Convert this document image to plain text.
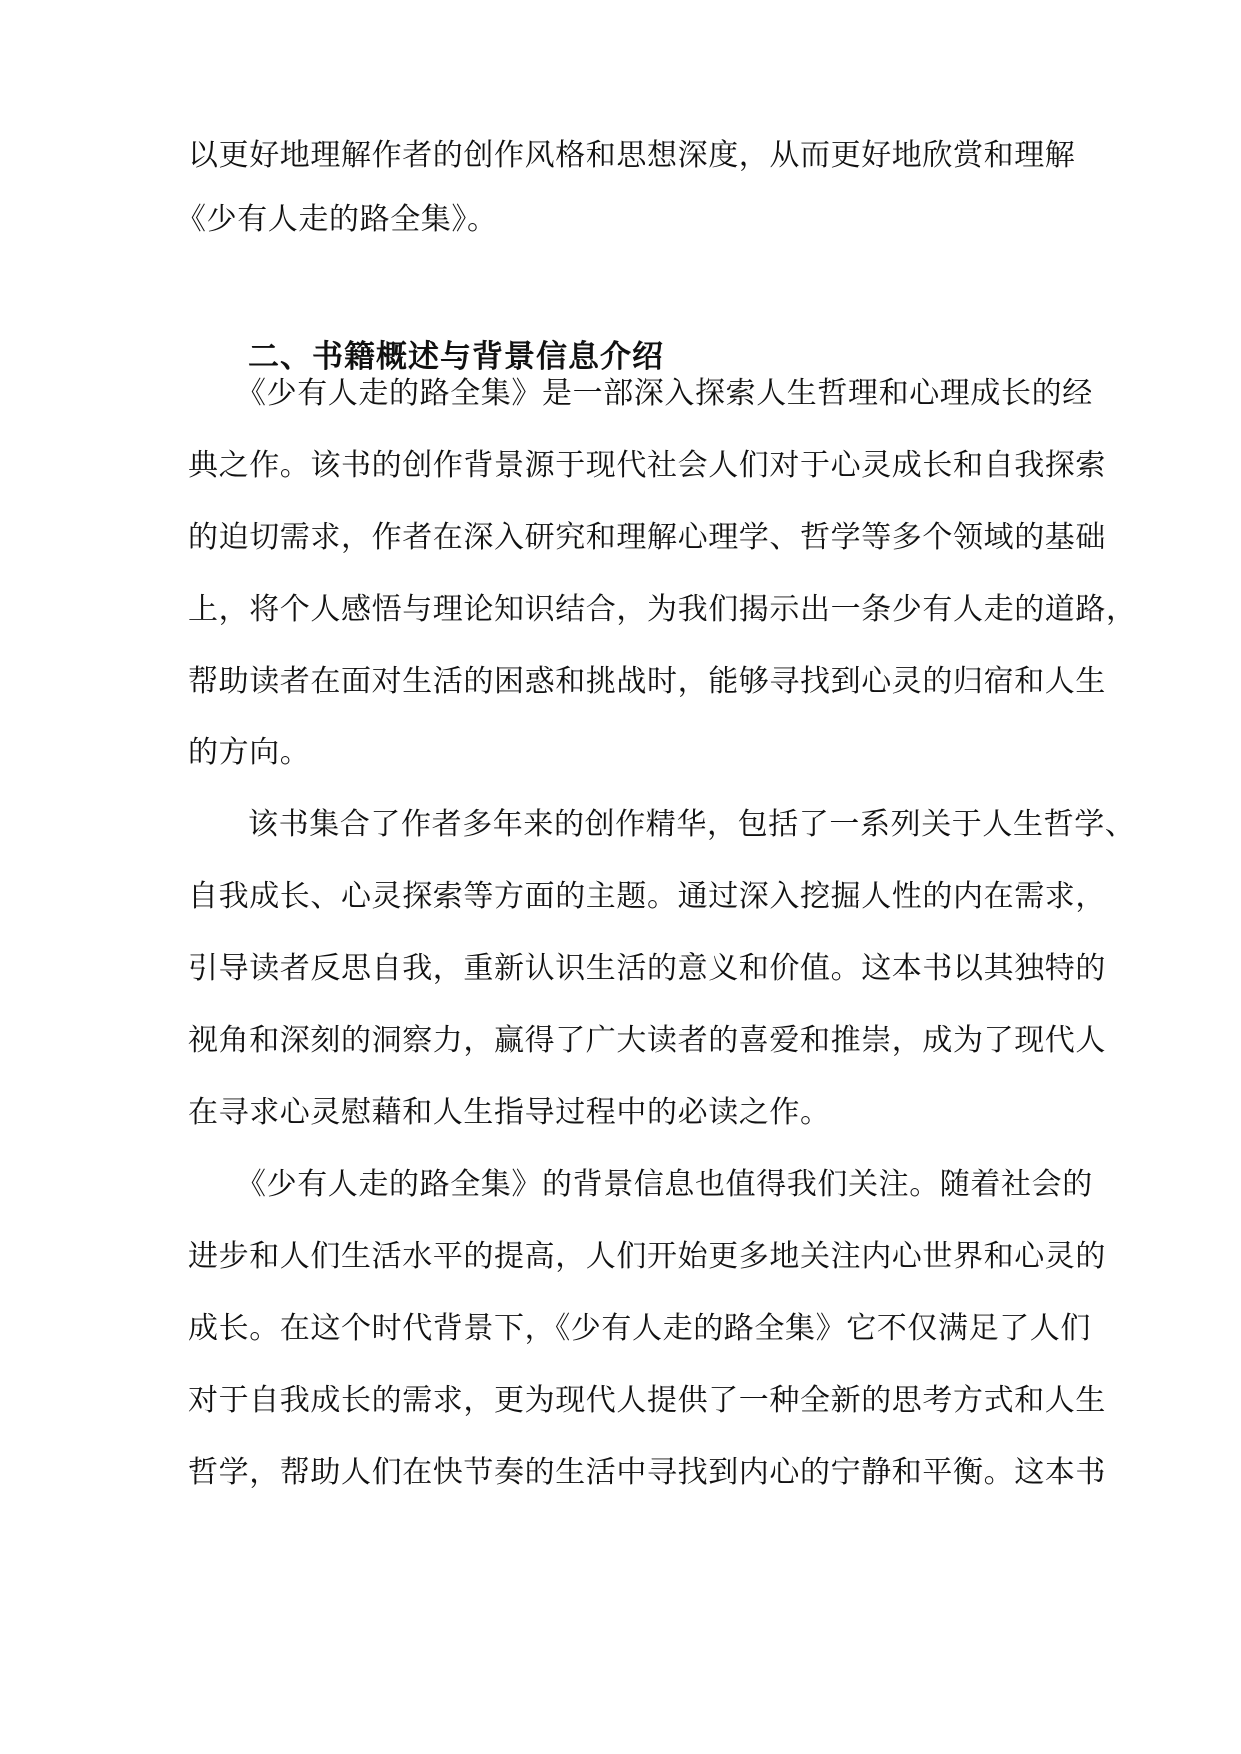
以更好地理解作者的创作风格和思想深度，从而更好地欣赏和理解
《少有人走的路全集》。
二、书籍概述与背景信息介绍
《少有人走的路全集》是一部深入探索人生哲理和心理成长的经
典之作。该书的创作背景源于现代社会人们对于心灵成长和自我探索
的迫切需求，作者在深入研究和理解心理学、哲学等多个领域的基础
上，将个人感悟与理论知识结合，为我们揭示出一条少有人走的道路，
帮助读者在面对生活的困惑和挑战时，能够寻找到心灵的归宿和人生
的方向。
该书集合了作者多年来的创作精华，包括了一系列关于人生哲学、
自我成长、心灵探索等方面的主题。通过深入挖掘人性的内在需求，
引导读者反思自我，重新认识生活的意义和价值。这本书以其独特的
视角和深刻的洞察力，赢得了广大读者的喜爱和推崇，成为了现代人
在寻求心灵慰藉和人生指导过程中的必读之作。
《少有人走的路全集》的背景信息也值得我们关注。随着社会的
进步和人们生活水平的提高，人们开始更多地关注内心世界和心灵的
成长。在这个时代背景下，《少有人走的路全集》它不仅满足了人们
对于自我成长的需求，更为现代人提供了一种全新的思考方式和人生
哲学，帮助人们在快节奏的生活中寻找到内心的宁静和平衡。这本书
